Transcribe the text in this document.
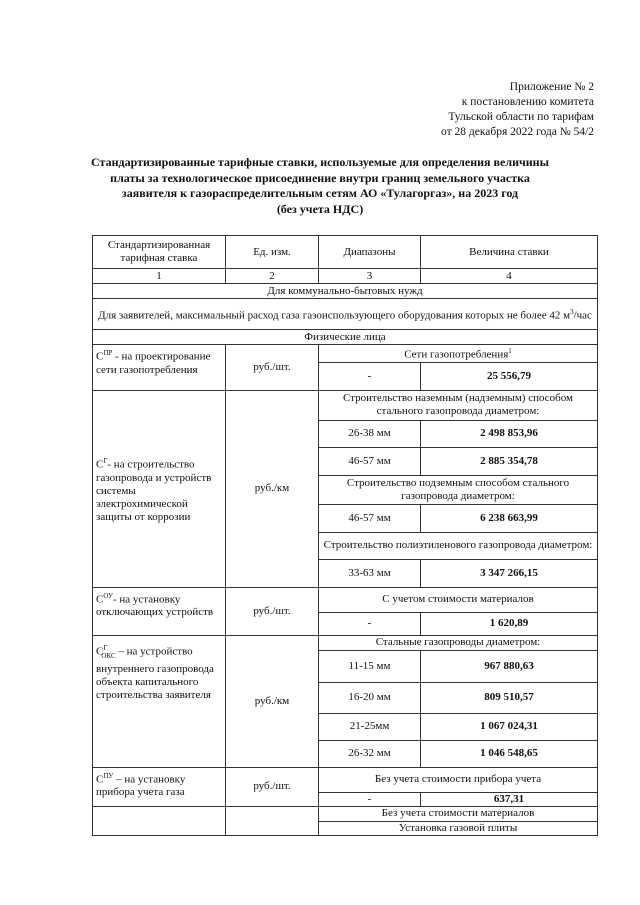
Приложение № 2
к постановлению комитета
Тульской области по тарифам
от 28 декабря 2022 года № 54/2
Стандартизированные тарифные ставки, используемые для определения величины
платы за технологическое присоединение внутри границ земельного участка
заявителя к газораспределительным сетям АО «Тулагоргаз», на 2023 год
(без учета НДС)
Стандартизированная тарифная ставка	Ед. изм.	Диапазоны	Величина ставки
1	2	3	4
Для коммунально-бытовых нужд			
Для заявителей, максимальный расход газа газоиспользующего оборудования которых не более 42 $м^3$/час			
Физические лица			
$С^{ПР}$ - на проектирование сети газопотребления	руб./шт.	Сети газопотребления$^1$
		-	25 556,79
$С^Г-$ на строительство газопровода и устройств системы электрохимической защиты от коррозии	руб./км	Строительство наземным (надземным) способом стального газопровода диаметром:	
		26-38 мм	2 498 853,96
		46-57 мм	2 885 354,78
		Строительство подземным способом стального газопровода диаметром:	
		46-57 мм	6 238 663,99
		Строительство полиэтиленового газопровода диаметром:	
		33-63 мм	3 347 266,15
$С^{ОУ}-$ на установку отключающих устройств	руб./шт.	С учетом стоимости материалов	
		-	1 620,89
$С^Г_{ОКС}$ – на устройство внутреннего газопровода объекта капитального строительства заявителя	руб./км	Стальные газопроводы диаметром:	
		11-15 мм	967 880,63
		16-20 мм	809 510,57
		21-25мм	1 067 024,31
		26-32 мм	1 046 548,65
$С^{ПУ}$ – на установку прибора учета газа	руб./шт.	Без учета стоимости прибора учета	
		-	637,31
		Без учета стоимости материалов	
		Установка газовой плиты	
